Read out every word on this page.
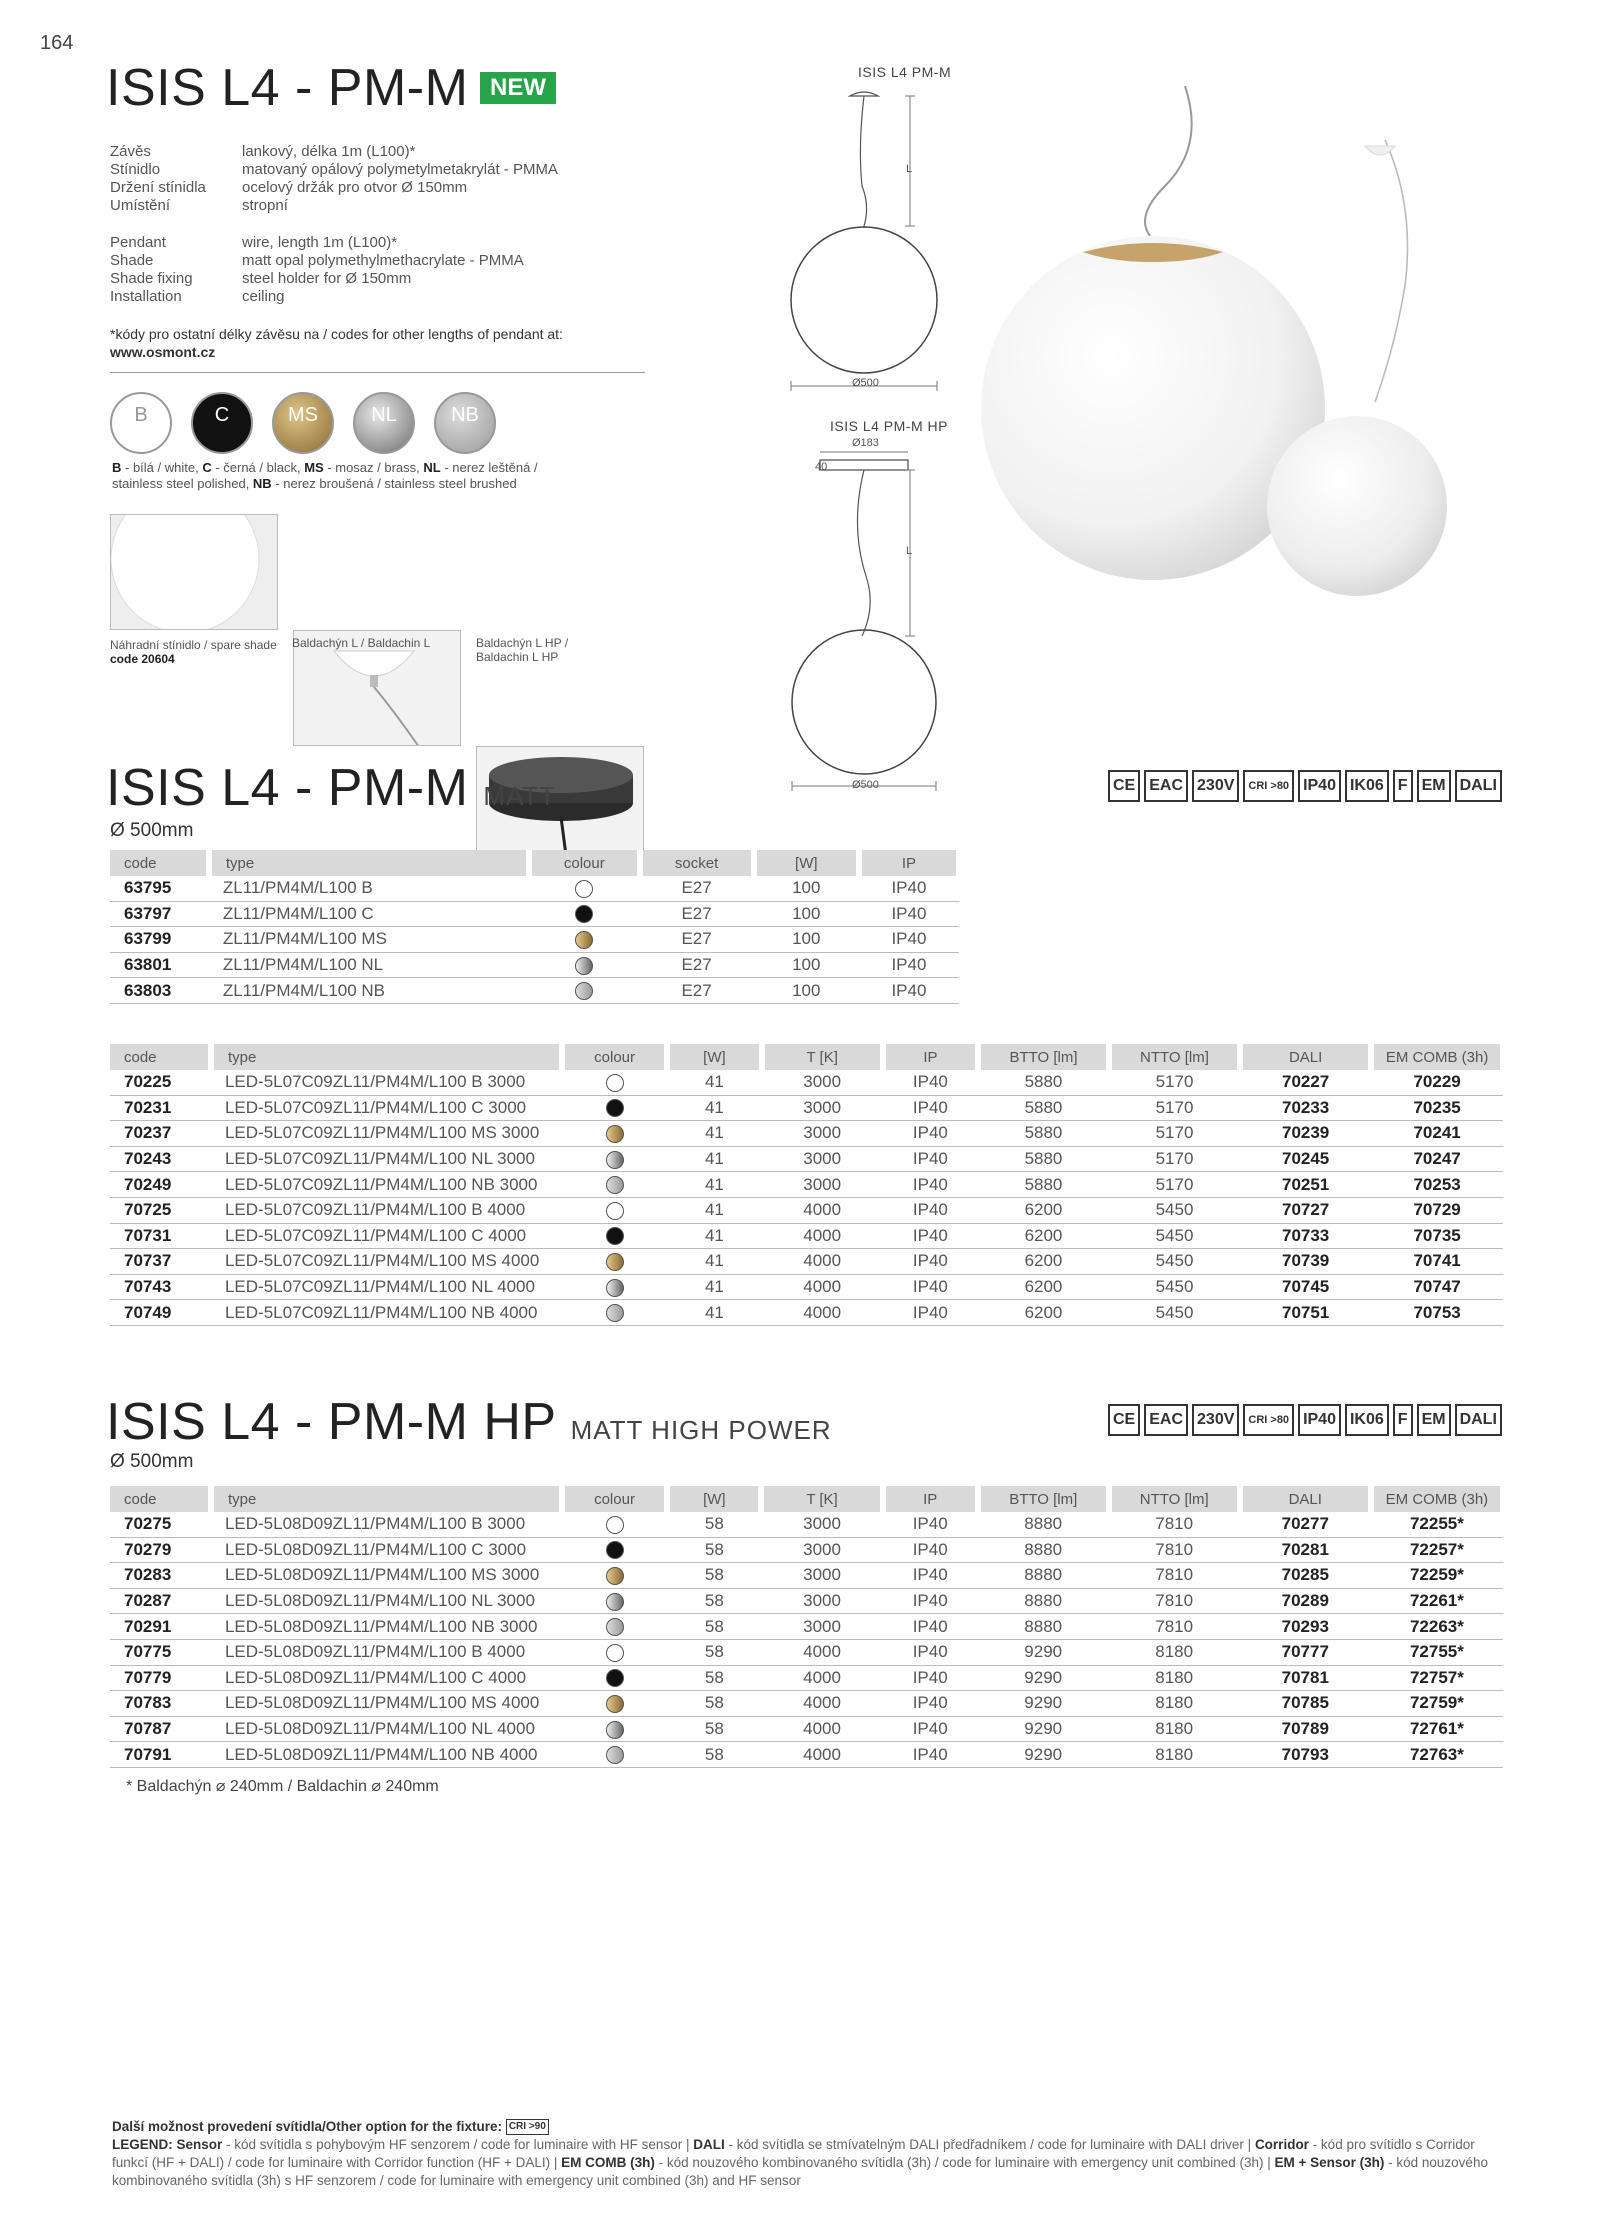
164
ISIS L4 - PM-M NEW
Závěs	lankový, délka 1m (L100)*
Stínidlo	matovaný opálový polymetylmetakrylát - PMMA
Držení stínidla	ocelový držák pro otvor Ø 150mm
Umístění	stropní
Pendant	wire, length 1m (L100)*
Shade	matt opal polymethylmethacrylate - PMMA
Shade fixing	steel holder for Ø 150mm
Installation	ceiling
*kódy pro ostatní délky závěsu na / codes for other lengths of pendant at:
www.osmont.cz
B	C	MS	NL	NB
B - bílá / white, C - černá / black, MS - mosaz / brass, NL - nerez leštěná /
stainless steel polished, NB - nerez broušená / stainless steel brushed
Náhradní stínidlo / spare shade
code 20604
Baldachýn L / Baldachin L	Baldachýn L HP /
Baldachin L HP
ISIS L4 PM-M
L
Ø500
ISIS L4 PM-M HP
Ø183
40
L
Ø500
ISIS L4 - PM-M MATT
Ø 500mm
CE EAC 230V	CRI >80 IP40 IK06 F EM DALI
code	type	colour	socket	[W]	IP
63795	ZL11/PM4M/L100 B		E27	100	IP40
63797	ZL11/PM4M/L100 C		E27	100	IP40
63799	ZL11/PM4M/L100 MS		E27	100	IP40
63801	ZL11/PM4M/L100 NL		E27	100	IP40
63803	ZL11/PM4M/L100 NB		E27	100	IP40
code	type	colour	[W]	T [K]	IP	BTTO [lm]	NTTO [lm]	DALI	EM COMB (3h)
70225	LED-5L07C09ZL11/PM4M/L100 B 3000		41	3000	IP40	5880	5170	70227	70229
70231	LED-5L07C09ZL11/PM4M/L100 C 3000		41	3000	IP40	5880	5170	70233	70235
70237	LED-5L07C09ZL11/PM4M/L100 MS 3000		41	3000	IP40	5880	5170	70239	70241
70243	LED-5L07C09ZL11/PM4M/L100 NL 3000		41	3000	IP40	5880	5170	70245	70247
70249	LED-5L07C09ZL11/PM4M/L100 NB 3000		41	3000	IP40	5880	5170	70251	70253
70725	LED-5L07C09ZL11/PM4M/L100 B 4000		41	4000	IP40	6200	5450	70727	70729
70731	LED-5L07C09ZL11/PM4M/L100 C 4000		41	4000	IP40	6200	5450	70733	70735
70737	LED-5L07C09ZL11/PM4M/L100 MS 4000		41	4000	IP40	6200	5450	70739	70741
70743	LED-5L07C09ZL11/PM4M/L100 NL 4000		41	4000	IP40	6200	5450	70745	70747
70749	LED-5L07C09ZL11/PM4M/L100 NB 4000		41	4000	IP40	6200	5450	70751	70753
ISIS L4 - PM-M HP MATT HIGH POWER
Ø 500mm
CE EAC 230V	CRI >80 IP40 IK06 F EM DALI
code	type	colour	[W]	T [K]	IP	BTTO [lm]	NTTO [lm]	DALI	EM COMB (3h)
70275	LED-5L08D09ZL11/PM4M/L100 B 3000		58	3000	IP40	8880	7810	70277	72255*
70279	LED-5L08D09ZL11/PM4M/L100 C 3000		58	3000	IP40	8880	7810	70281	72257*
70283	LED-5L08D09ZL11/PM4M/L100 MS 3000		58	3000	IP40	8880	7810	70285	72259*
70287	LED-5L08D09ZL11/PM4M/L100 NL 3000		58	3000	IP40	8880	7810	70289	72261*
70291	LED-5L08D09ZL11/PM4M/L100 NB 3000		58	3000	IP40	8880	7810	70293	72263*
70775	LED-5L08D09ZL11/PM4M/L100 B 4000		58	4000	IP40	9290	8180	70777	72755*
70779	LED-5L08D09ZL11/PM4M/L100 C 4000		58	4000	IP40	9290	8180	70781	72757*
70783	LED-5L08D09ZL11/PM4M/L100 MS 4000		58	4000	IP40	9290	8180	70785	72759*
70787	LED-5L08D09ZL11/PM4M/L100 NL 4000		58	4000	IP40	9290	8180	70789	72761*
70791	LED-5L08D09ZL11/PM4M/L100 NB 4000		58	4000	IP40	9290	8180	70793	72763*
* Baldachýn ⌀ 240mm / Baldachin ⌀ 240mm
Další možnost provedení svítidla/Other option for the fixture: CRI >90
LEGEND: Sensor - kód svítidla s pohybovým HF senzorem / code for luminaire with HF sensor | DALI - kód svítidla se stmívatelným DALI předřadníkem / code for luminaire with DALI driver | Corridor - kód pro svítidlo s Corridor funkcí (HF + DALI) / code for luminaire with Corridor function (HF + DALI) | EM COMB (3h) - kód nouzového kombinovaného svítidla (3h) / code for luminaire with emergency unit combined (3h) | EM + Sensor (3h) - kód nouzového kombinovaného svítidla (3h) s HF senzorem / code for luminaire with emergency unit combined (3h) and HF sensor
